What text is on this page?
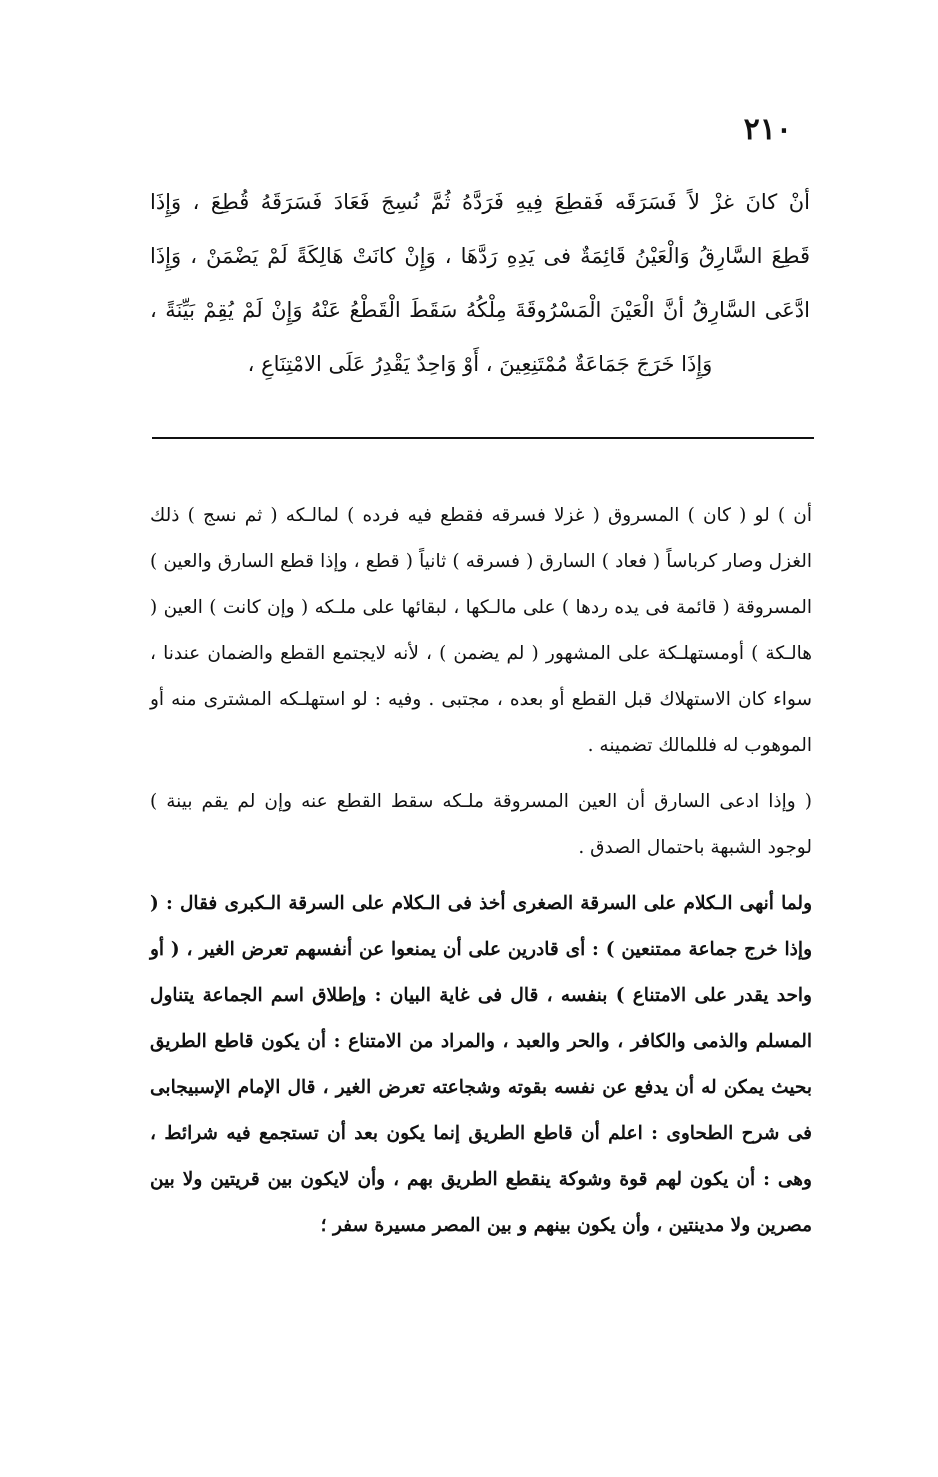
٢١٠

أنْ كانَ غزْ لاً فَسَرَقَه فَقطِعَ فِيهِ فَرَدَّهُ ثُمَّ نُسِجَ فَعَادَ فَسَرَقَهُ قُطِعَ ، وَإِذَا

قَطِعَ السَّارِقُ وَالْعَيْنُ قَائِمَةٌ فى يَدِهِ رَدَّهَا ، وَإِنْ كانَتْ هَالِكَةً لَمْ يَضْمَنْ ، وَإِذَا

ادَّعَى السَّارِقُ أنَّ الْعَيْنَ الْمَسْرُوقَةَ مِلْكُهُ سَقَطَ الْقَطْعُ عَنْهُ وَإِنْ لَمْ يُقِمْ بَيِّنَةً ،

وَإِذَا خَرَجَ جَمَاعَةٌ مُمْتَنِعِينَ ، أَوْ وَاحِدٌ يَقْدِرُ عَلَى الامْتِنَاعِ ،

أن ) لو ( كان ) المسروق ( غزلا فسرقه فقطع فيه فرده ) لمالـكه ( ثم نسج ) ذلك الغزل وصار كرباساً ( فعاد ) السارق ( فسرقه ) ثانياً ( قطع ، وإذا قطع السارق والعين ) المسروقة ( قائمة فى يده ردها ) على مالـكها ، لبقائها على ملـكه ( وإن كانت ) العين ( هالـكة ) أومستهلـكة على المشهور ( لم يضمن ) ، لأنه لايجتمع القطع والضمان عندنا ، سواء كان الاستهلاك قبل القطع أو بعده ، مجتبى . وفيه : لو استهلـكه المشترى منه أو الموهوب له فللمالك تضمينه .

( وإذا ادعى السارق أن العين المسروقة ملـكه سقط القطع عنه وإن لم يقم بينة ) لوجود الشبهة باحتمال الصدق .

ولما أنهى الـكلام على السرقة الصغرى أخذ فى الـكلام على السرقة الـكبرى فقال : ( وإذا خرج جماعة ممتنعين ) : أى قادرين على أن يمنعوا عن أنفسهم تعرض الغير ، ( أو واحد يقدر على الامتناع ) بنفسه ، قال فى غاية البيان : وإطلاق اسم الجماعة يتناول المسلم والذمى والكافر ، والحر والعبد ، والمراد من الامتناع : أن يكون قاطع الطريق بحيث يمكن له أن يدفع عن نفسه بقوته وشجاعته تعرض الغير ، قال الإمام الإسبيجابى فى شرح الطحاوى : اعلم أن قاطع الطريق إنما يكون بعد أن تستجمع فيه شرائط ، وهى : أن يكون لهم قوة وشوكة ينقطع الطريق بهم ، وأن لايكون بين قريتين ولا بين مصرين ولا مدينتين ، وأن يكون بينهم و بين المصر مسيرة سفر ؛
